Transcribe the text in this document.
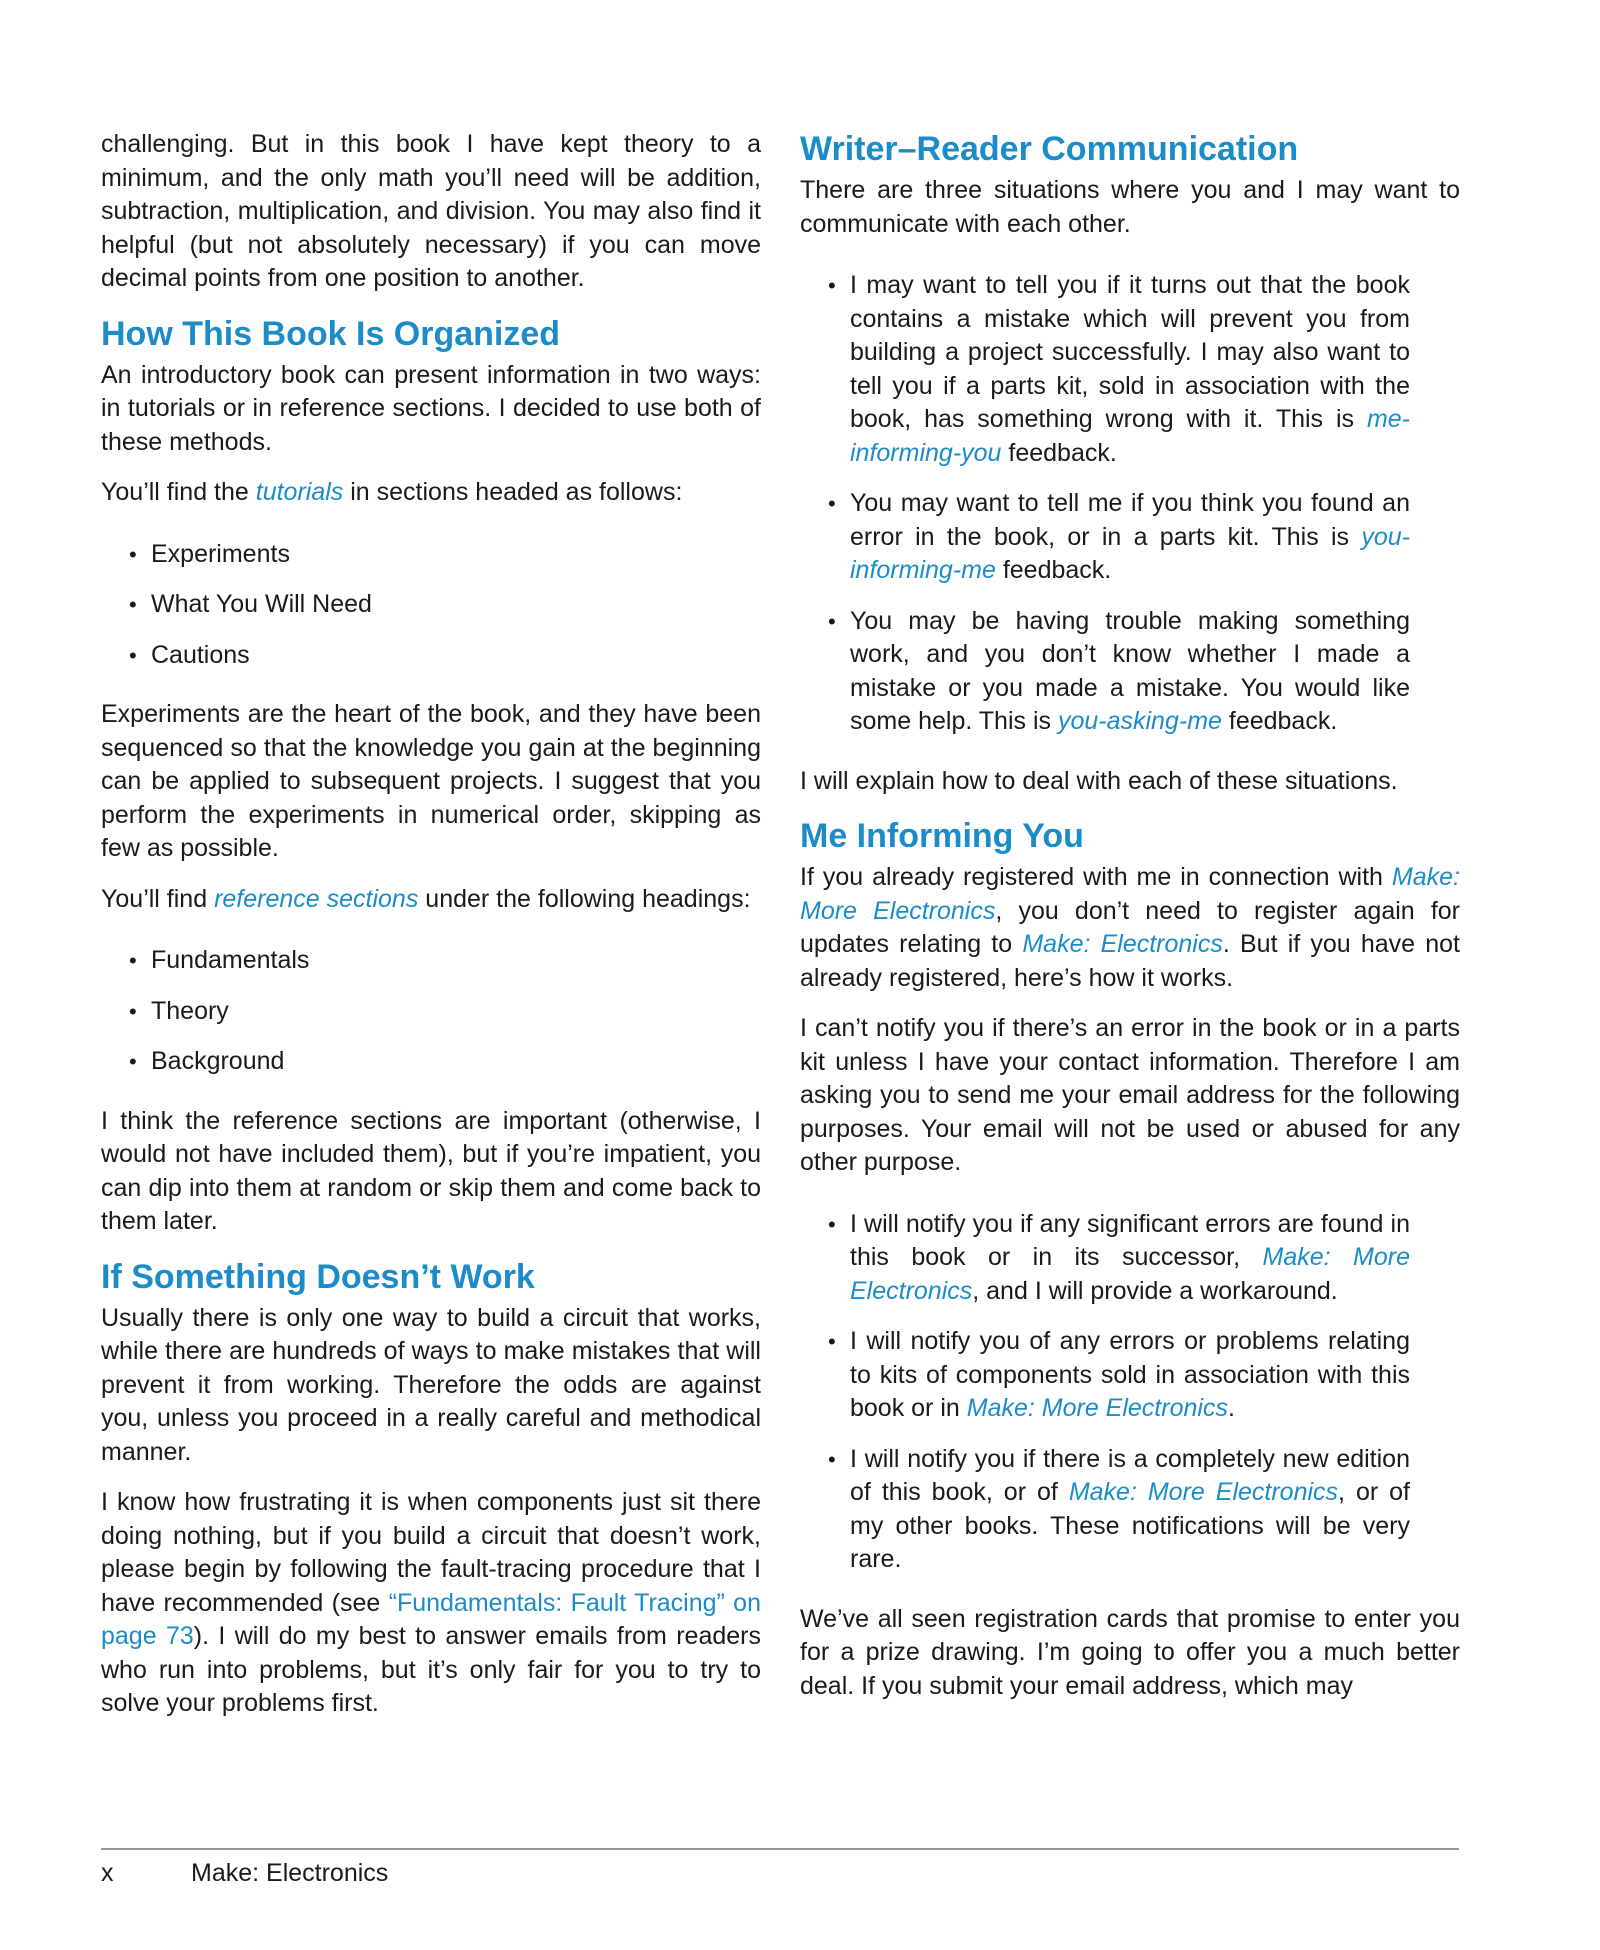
challenging. But in this book I have kept theory to a minimum, and the only math you’ll need will be addition, subtraction, multiplication, and division. You may also find it helpful (but not absolutely necessary) if you can move decimal points from one position to another.

How This Book Is Organized

An introductory book can present information in two ways: in tutorials or in reference sections. I decided to use both of these methods.

You’ll find the tutorials in sections headed as follows:

• Experiments
• What You Will Need
• Cautions

Experiments are the heart of the book, and they have been sequenced so that the knowledge you gain at the beginning can be applied to subsequent projects. I suggest that you perform the experiments in numerical order, skipping as few as possible.

You’ll find reference sections under the following headings:

• Fundamentals
• Theory
• Background

I think the reference sections are important (otherwise, I would not have included them), but if you’re impatient, you can dip into them at random or skip them and come back to them later.

If Something Doesn’t Work

Usually there is only one way to build a circuit that works, while there are hundreds of ways to make mistakes that will prevent it from working. Therefore the odds are against you, unless you proceed in a really careful and methodical manner.

I know how frustrating it is when components just sit there doing nothing, but if you build a circuit that doesn’t work, please begin by following the fault-tracing procedure that I have recommended (see “Fundamentals: Fault Tracing” on page 73). I will do my best to answer emails from readers who run into problems, but it’s only fair for you to try to solve your problems first.

Writer–Reader Communication

There are three situations where you and I may want to communicate with each other.

• I may want to tell you if it turns out that the book contains a mistake which will prevent you from building a project successfully. I may also want to tell you if a parts kit, sold in association with the book, has something wrong with it. This is me-informing-you feedback.
• You may want to tell me if you think you found an error in the book, or in a parts kit. This is you-informing-me feedback.
• You may be having trouble making something work, and you don’t know whether I made a mistake or you made a mistake. You would like some help. This is you-asking-me feedback.

I will explain how to deal with each of these situations.

Me Informing You

If you already registered with me in connection with Make: More Electronics, you don’t need to register again for updates relating to Make: Electronics. But if you have not already registered, here’s how it works.

I can’t notify you if there’s an error in the book or in a parts kit unless I have your contact information. Therefore I am asking you to send me your email address for the following purposes. Your email will not be used or abused for any other purpose.

• I will notify you if any significant errors are found in this book or in its successor, Make: More Electronics, and I will provide a workaround.
• I will notify you of any errors or problems relating to kits of components sold in association with this book or in Make: More Electronics.
• I will notify you if there is a completely new edition of this book, or of Make: More Electronics, or of my other books. These notifications will be very rare.

We’ve all seen registration cards that promise to enter you for a prize drawing. I’m going to offer you a much better deal. If you submit your email address, which may

x	Make: Electronics
